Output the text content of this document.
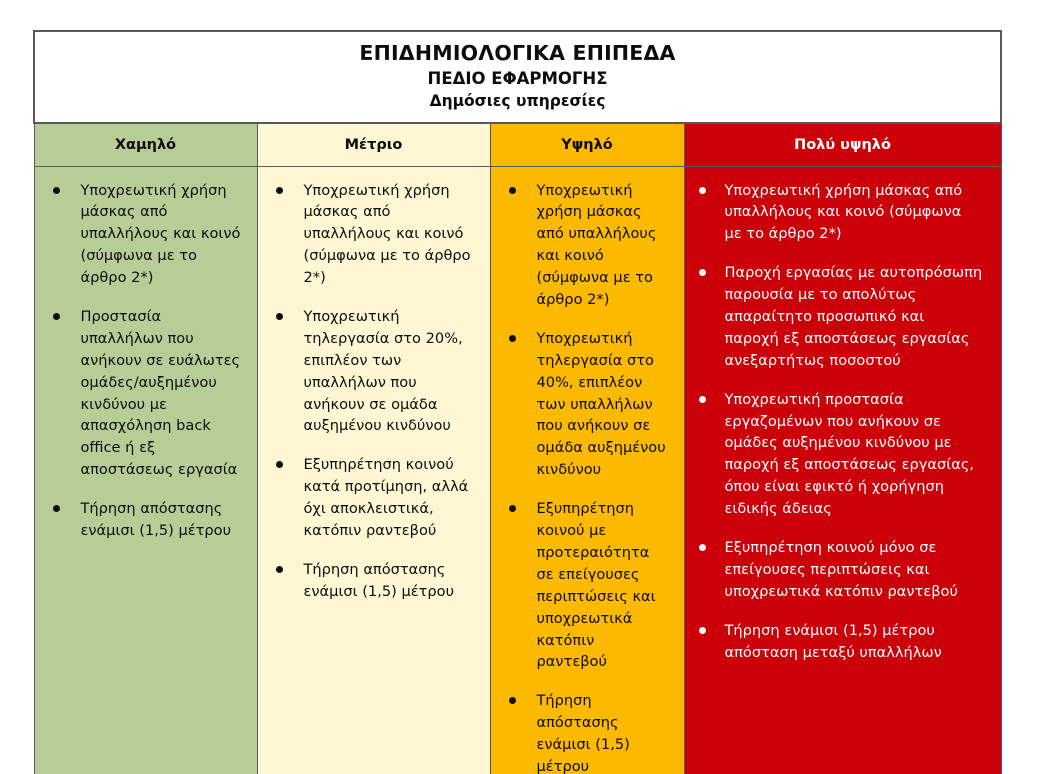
ΕΠΙΔΗΜΙΟΛΟΓΙΚΑ ΕΠΙΠΕΔΑ
ΠΕΔΙΟ ΕΦΑΡΜΟΓΗΣ
Δημόσιες υπηρεσίες			

Χαμηλό	Μέτριο	Υψηλό	Πολύ υψηλό

Υποχρεωτική χρήση μάσκας από υπαλλήλους και κοινό (σύμφωνα με το άρθρο 2*)
Προστασία υπαλλήλων που ανήκουν σε ευάλωτες ομάδες/αυξημένου κινδύνου με απασχόληση back office ή εξ αποστάσεως εργασία
Τήρηση απόστασης ενάμισι (1,5) μέτρου

Υποχρεωτική χρήση μάσκας από υπαλλήλους και κοινό (σύμφωνα με το άρθρο 2*)
Υποχρεωτική τηλεργασία στο 20%, επιπλέον των υπαλλήλων που ανήκουν σε ομάδα αυξημένου κινδύνου
Εξυπηρέτηση κοινού κατά προτίμηση, αλλά όχι αποκλειστικά, κατόπιν ραντεβού
Τήρηση απόστασης ενάμισι (1,5) μέτρου

Υποχρεωτική χρήση μάσκας από υπαλλήλους και κοινό (σύμφωνα με το άρθρο 2*)
Υποχρεωτική τηλεργασία στο 40%, επιπλέον των υπαλλήλων που ανήκουν σε ομάδα αυξημένου κινδύνου
Εξυπηρέτηση κοινού με προτεραιότητα σε επείγουσες περιπτώσεις και υποχρεωτικά κατόπιν ραντεβού
Τήρηση απόστασης ενάμισι (1,5) μέτρου

Υποχρεωτική χρήση μάσκας από υπαλλήλους και κοινό (σύμφωνα με το άρθρο 2*)
Παροχή εργασίας με αυτοπρόσωπη παρουσία με το απολύτως απαραίτητο προσωπικό και παροχή εξ αποστάσεως εργασίας ανεξαρτήτως ποσοστού
Υποχρεωτική προστασία εργαζομένων που ανήκουν σε ομάδες αυξημένου κινδύνου με παροχή εξ αποστάσεως εργασίας, όπου είναι εφικτό ή χορήγηση ειδικής άδειας
Εξυπηρέτηση κοινού μόνο σε επείγουσες περιπτώσεις και υποχρεωτικά κατόπιν ραντεβού
Τήρηση ενάμισι (1,5) μέτρου απόσταση μεταξύ υπαλλήλων
